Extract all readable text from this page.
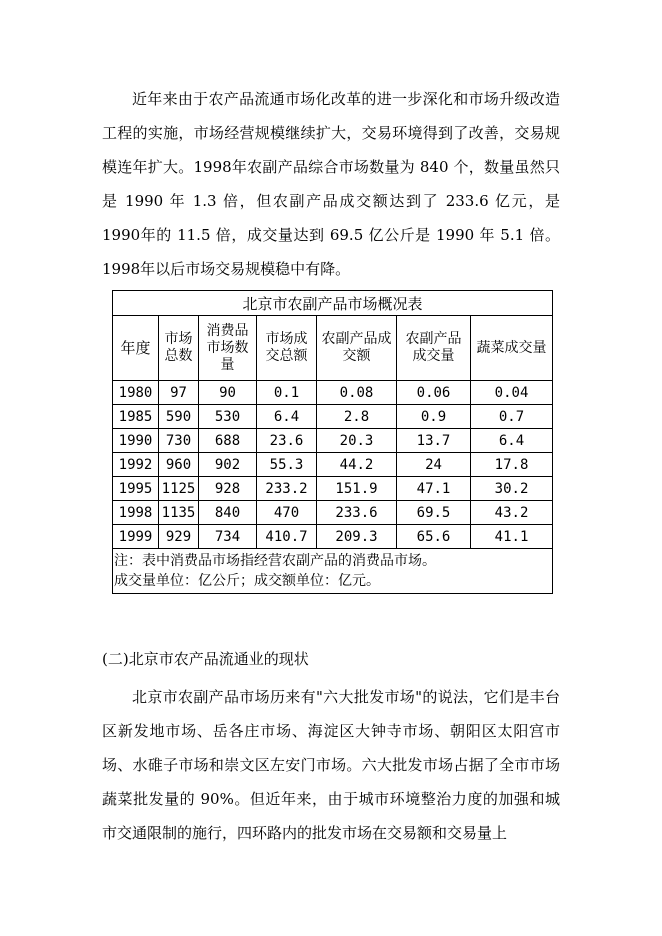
近年来由于农产品流通市场化改革的进一步深化和市场升级改造工程的实施，市场经营规模继续扩大，交易环境得到了改善，交易规模连年扩大。1998年农副产品综合市场数量为 840 个，数量虽然只是 1990 年 1.3 倍，但农副产品成交额达到了 233.6 亿元，是 1990年的 11.5 倍，成交量达到 69.5 亿公斤是 1990 年 5.1 倍。1998年以后市场交易规模稳中有降。

北京市农副产品市场概况表						
年度	市场总数	消费品市场数量	市场成交总额	农副产品成交额	农副产品成交量	蔬菜成交量
1980	97	90	0.1	0.08	0.06	0.04
1985	590	530	6.4	2.8	0.9	0.7
1990	730	688	23.6	20.3	13.7	6.4
1992	960	902	55.3	44.2	24	17.8
1995	1125	928	233.2	151.9	47.1	30.2
1998	1135	840	470	233.6	69.5	43.2
1999	929	734	410.7	209.3	65.6	41.1

注：表中消费品市场指经营农副产品的消费品市场。
成交量单位：亿公斤；成交额单位：亿元。						

(二)北京市农产品流通业的现状

北京市农副产品市场历来有"六大批发市场"的说法，它们是丰台区新发地市场、岳各庄市场、海淀区大钟寺市场、朝阳区太阳宫市场、水碓子市场和崇文区左安门市场。六大批发市场占据了全市市场蔬菜批发量的 90%。但近年来，由于城市环境整治力度的加强和城市交通限制的施行，四环路内的批发市场在交易额和交易量上
